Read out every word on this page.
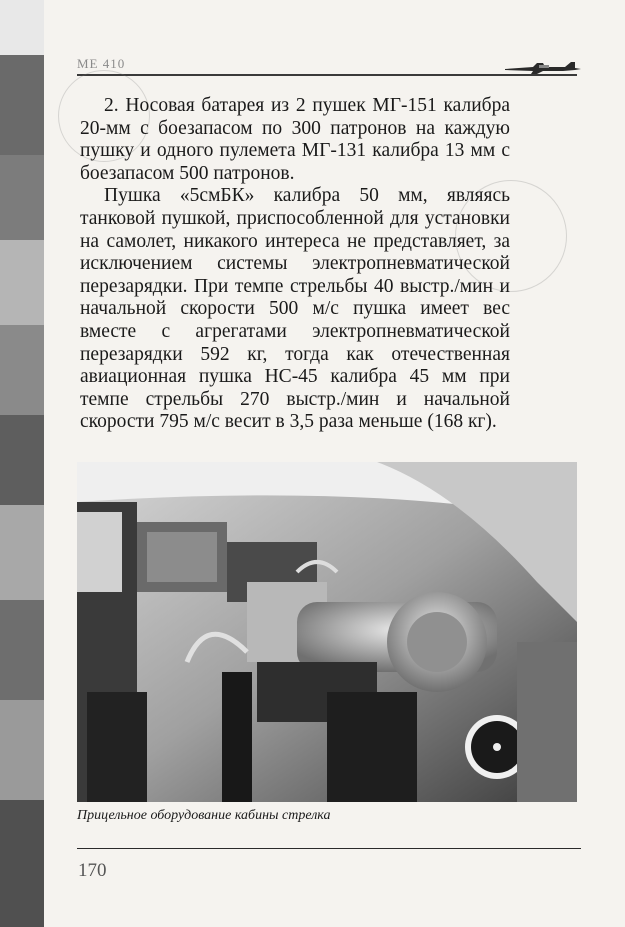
ME 410

2. Носовая батарея из 2 пушек МГ-151 калибра 20-мм с боезапасом по 300 патронов на каждую пушку и одного пулемета МГ-131 калибра 13 мм с боезапасом 500 патронов.

Пушка «5смБК» калибра 50 мм, являясь танковой пушкой, приспособленной для установки на самолет, никакого интереса не представляет, за исключением системы электропневматической перезарядки. При темпе стрельбы 40 выстр./мин и начальной скорости 500 м/с пушка имеет вес вместе с агрегатами электропневматической перезарядки 592 кг, тогда как отечественная авиационная пушка НС-45 калибра 45 мм при темпе стрельбы 270 выстр./мин и начальной скорости 795 м/с весит в 3,5 раза меньше (168 кг).

Прицельное оборудование кабины стрелка
170
